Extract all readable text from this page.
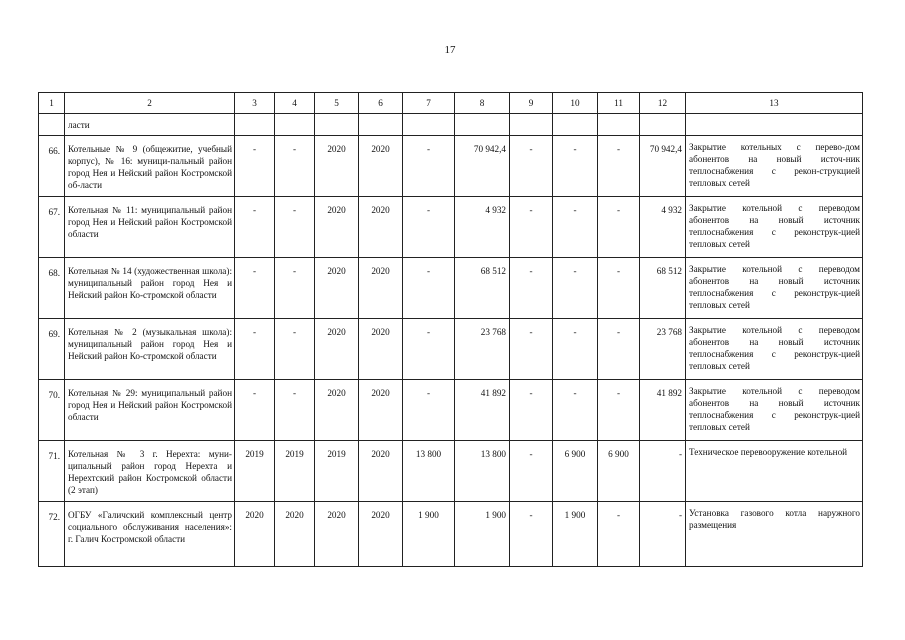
17
1	2	3	4	5	6	7	8	9	10	11	12	13
	ласти											
66.	Котельные № 9 (общежитие, учебный корпус), № 16: муници-пальный район город Нея и Нейский район Костромской об-ласти	-	-	2020	2020	-	70 942,4	-	-	-	70 942,4	Закрытие котельных с перево-дом абонентов на новый источ-ник теплоснабжения с рекон-струкцией тепловых сетей
67.	Котельная № 11: муниципальный район город Нея и Нейский район Костромской области	-	-	2020	2020	-	4 932	-	-	-	4 932	Закрытие котельной с переводом абонентов на новый источник теплоснабжения с реконструк-цией тепловых сетей
68.	Котельная № 14 (художественная школа): муниципальный район город Нея и Нейский район Ко-стромской области	-	-	2020	2020	-	68 512	-	-	-	68 512	Закрытие котельной с переводом абонентов на новый источник теплоснабжения с реконструк-цией тепловых сетей
69.	Котельная № 2 (музыкальная школа): муниципальный район город Нея и Нейский район Ко-стромской области	-	-	2020	2020	-	23 768	-	-	-	23 768	Закрытие котельной с переводом абонентов на новый источник теплоснабжения с реконструк-цией тепловых сетей
70.	Котельная № 29: муниципальный район город Нея и Нейский район Костромской области	-	-	2020	2020	-	41 892	-	-	-	41 892	Закрытие котельной с переводом абонентов на новый источник теплоснабжения с реконструк-цией тепловых сетей
71.	Котельная № 3 г. Нерехта: муни-ципальный район город Нерехта и Нерехтский район Костромской области (2 этап)	2019	2019	2019	2020	13 800	13 800	-	6 900	6 900	-	Техническое перевооружение котельной
72.	ОГБУ «Галичский комплексный центр социального обслуживания населения»: г. Галич Костромской области	2020	2020	2020	2020	1 900	1 900	-	1 900	-	-	Установка газового котла наружного размещения
